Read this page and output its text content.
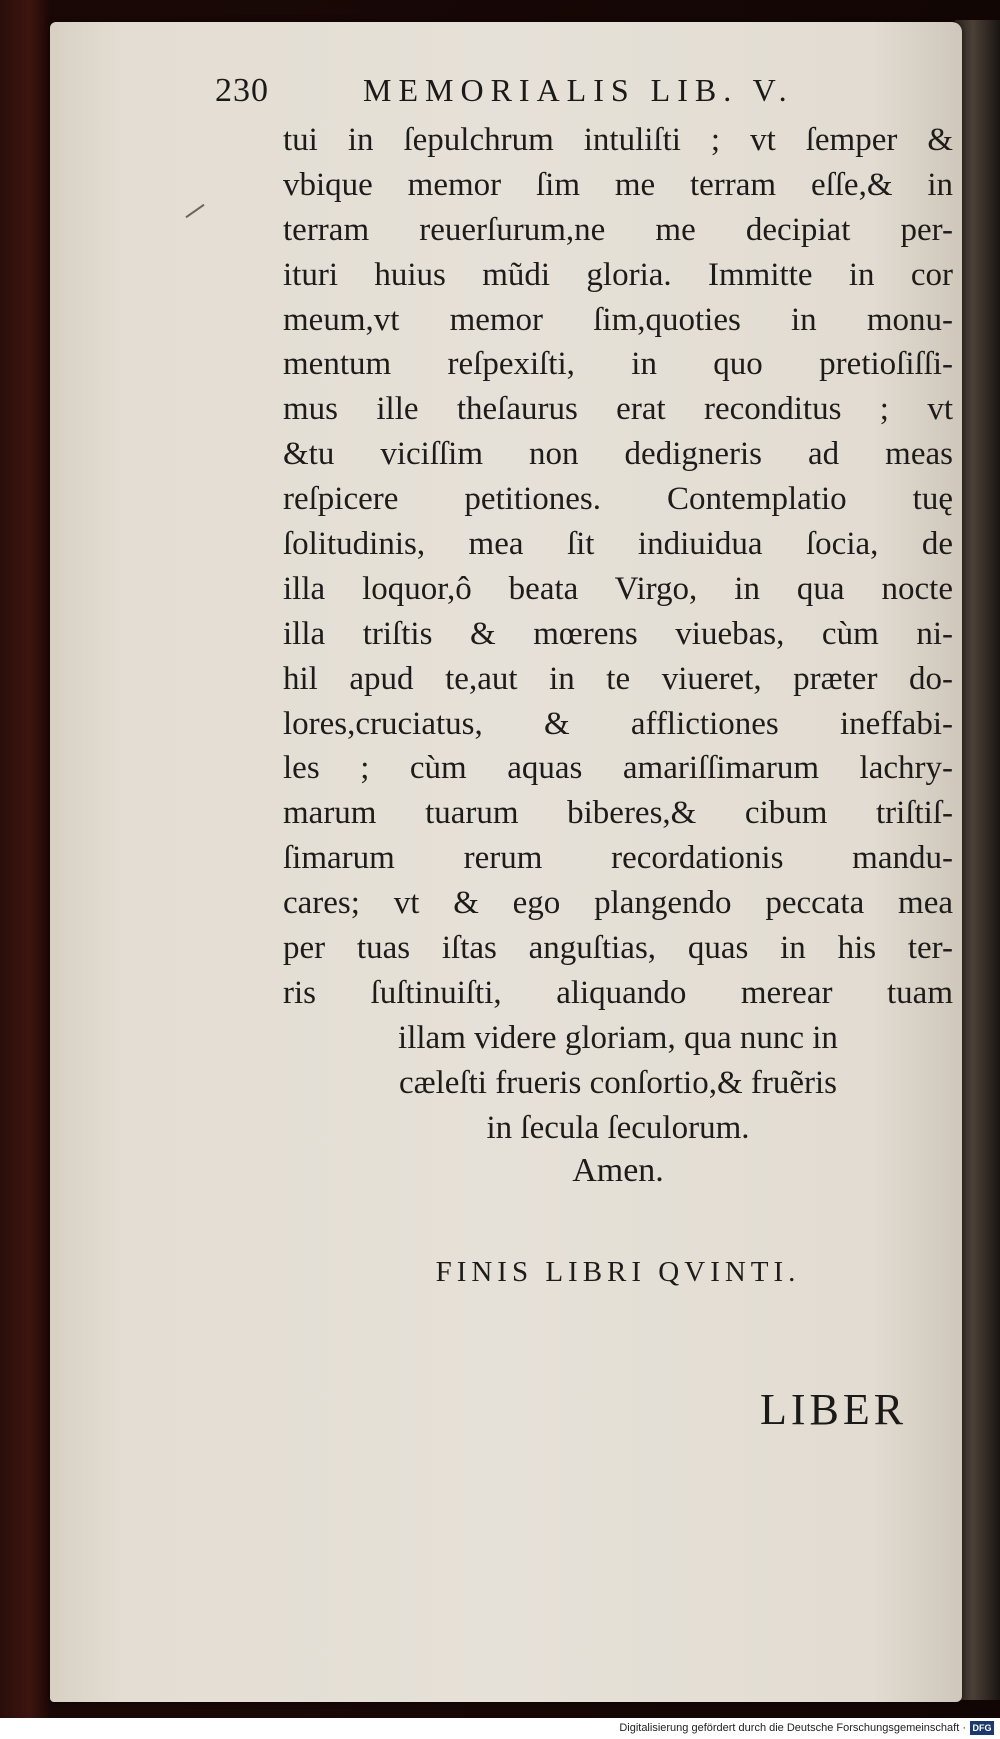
230	MEMORIALIS LIB. V.
tui in ſepulchrum intuliſti ; vt ſemper &
vbique memor ſim me terram eſſe,& in
terram reuerſurum,ne me decipiat per-
ituri huius mũdi gloria. Immitte in cor
meum,vt memor ſim,quoties in monu-
mentum reſpexiſti, in quo pretioſiſſi-
mus ille theſaurus erat reconditus ; vt
&tu viciſſim non dedigneris ad meas
reſpicere petitiones. Contemplatio tuę
ſolitudinis, mea ſit indiuidua ſocia, de
illa loquor,ô beata Virgo, in qua nocte
illa triſtis & mœrens viuebas, cùm ni-
hil apud te,aut in te viueret, præter do-
lores,cruciatus, & afflictiones ineffabi-
les ; cùm aquas amariſſimarum lachry-
marum tuarum biberes,& cibum triſtiſ-
ſimarum rerum recordationis mandu-
cares; vt & ego plangendo peccata mea
per tuas iſtas anguſtias, quas in his ter-
ris ſuſtinuiſti, aliquando merear tuam
illam videre gloriam, qua nunc in
cæleſti frueris conſortio,& fruẽris
in ſecula ſeculorum.
Amen.
FINIS LIBRI QVINTI.
LIBER
Digitalisierung gefördert durch die Deutsche Forschungsgemeinschaft · DFG
